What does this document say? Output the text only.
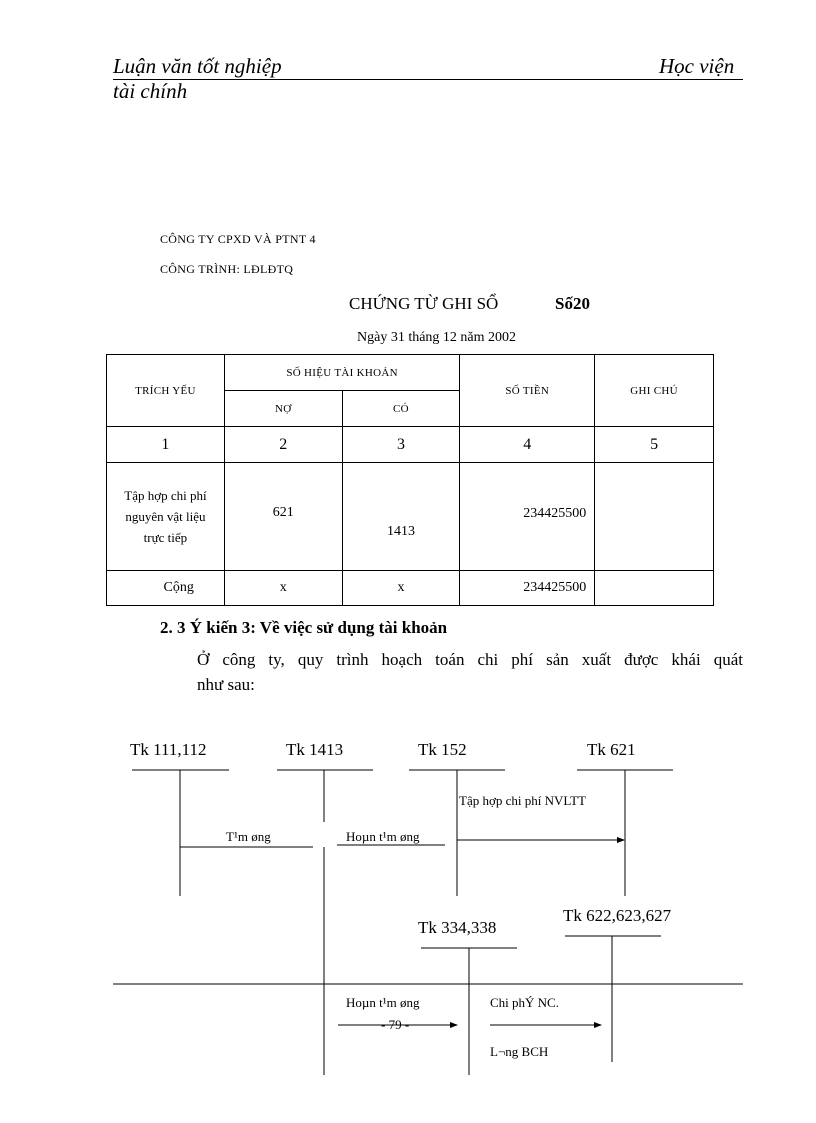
Luận văn tốt nghiệp	Học viện
tài chính
CÔNG TY CPXD VÀ PTNT 4
CÔNG TRÌNH: LĐLĐTQ
CHỨNG TỪ GHI SỔ	Số20
Ngày 31 tháng 12 năm 2002
TRÍCH YẾU	SỐ HIỆU TÀI KHOẢN		SỐ TIỀN	GHI CHÚ
	NỢ	CÓ		
1	2	3	4	5
Tập hợp chi phí nguyên vật liệu trực tiếp	621	1413	234425500	
Cộng	x	x	234425500	
2. 3 Ý kiến 3: Về việc sử dụng tài khoản
Ở công ty, quy trình hoạch toán chi phí sản xuất được khái quát
như sau:
Tk 111,112	Tk 1413	Tk 152	Tk 621
Tk 334,338
Tk 622,623,627
Tập hợp chi phí NVLTT
T¹m øng	Hoµn t¹m øng
Hoµn t¹m øng	Chi phÝ NC.
L¬ng BCH
- 79 -
